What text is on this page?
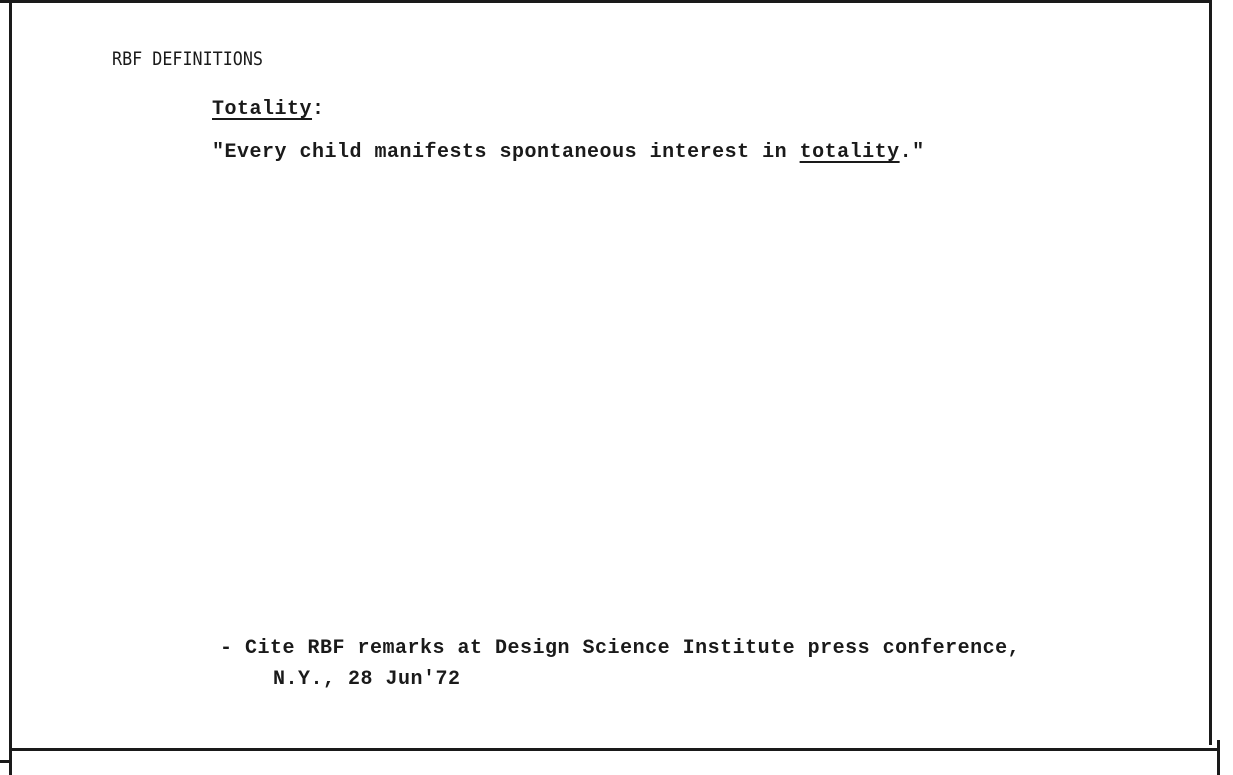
RBF DEFINITIONS
Totality:
"Every child manifests spontaneous interest in totality."
- Cite RBF remarks at Design Science Institute press conference,
N.Y., 28 Jun'72
